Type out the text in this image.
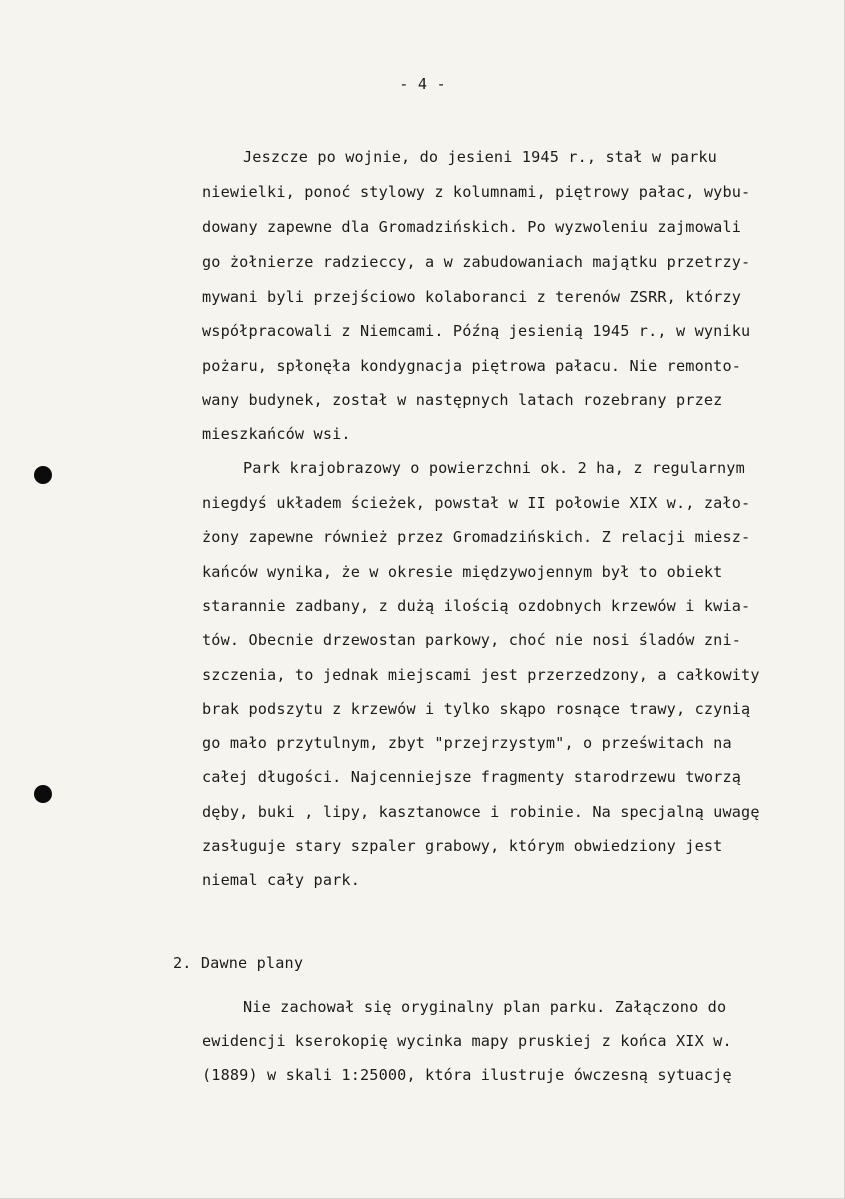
- 4 -
Jeszcze po wojnie, do jesieni 1945 r., stał w parku
niewielki, ponoć stylowy z kolumnami, piętrowy pałac, wybu-
dowany zapewne dla Gromadzińskich. Po wyzwoleniu zajmowali
go żołnierze radzieccy, a w zabudowaniach majątku przetrzy-
mywani byli przejściowo kolaboranci z terenów ZSRR, którzy
współpracowali z Niemcami. Późną jesienią 1945 r., w wyniku
pożaru, spłonęła kondygnacja piętrowa pałacu. Nie remonto-
wany budynek, został w następnych latach rozebrany przez
mieszkańców wsi.
Park krajobrazowy o powierzchni ok. 2 ha, z regularnym
niegdyś układem ścieżek, powstał w II połowie XIX w., zało-
żony zapewne również przez Gromadzińskich. Z relacji miesz-
kańców wynika, że w okresie międzywojennym był to obiekt
starannie zadbany, z dużą ilością ozdobnych krzewów i kwia-
tów. Obecnie drzewostan parkowy, choć nie nosi śladów zni-
szczenia, to jednak miejscami jest przerzedzony, a całkowity
brak podszytu z krzewów i tylko skąpo rosnące trawy, czynią
go mało przytulnym, zbyt "przejrzystym", o prześwitach na
całej długości. Najcenniejsze fragmenty starodrzewu tworzą
dęby, buki , lipy, kasztanowce i robinie. Na specjalną uwagę
zasługuje stary szpaler grabowy, którym obwiedziony jest
niemal cały park.
2. Dawne plany
Nie zachował się oryginalny plan parku. Załączono do
ewidencji kserokopię wycinka mapy pruskiej z końca XIX w.
(1889) w skali 1:25000, która ilustruje ówczesną sytuację
